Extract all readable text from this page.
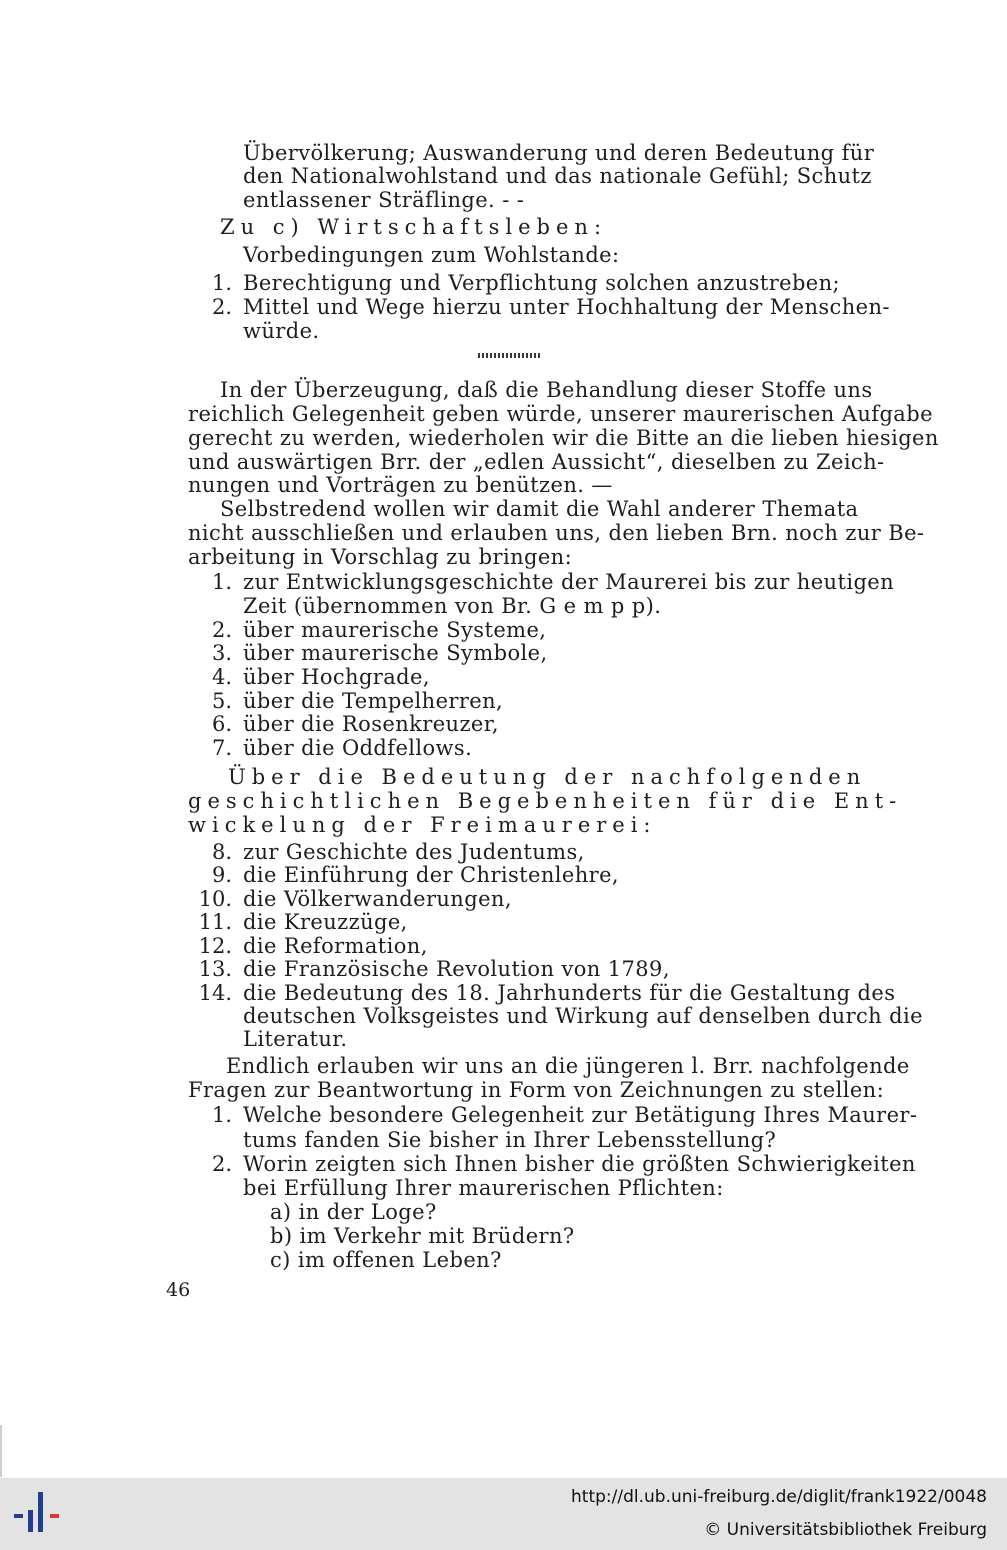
Übervölkerung; Auswanderung und deren Bedeutung für

den Nationalwohlstand und das nationale Gefühl; Schutz

entlassener Sträflinge. - -

Zu c) Wirtschaftsleben:

Vorbedingungen zum Wohlstande:

1. Berechtigung und Verpflichtung solchen anzustreben;

2. Mittel und Wege hierzu unter Hochhaltung der Menschen-

würde.

In der Überzeugung, daß die Behandlung dieser Stoffe uns

reichlich Gelegenheit geben würde, unserer maurerischen Aufgabe

gerecht zu werden, wiederholen wir die Bitte an die lieben hiesigen

und auswärtigen Brr. der „edlen Aussicht“, dieselben zu Zeich-

nungen und Vorträgen zu benützen. —

Selbstredend wollen wir damit die Wahl anderer Themata

nicht ausschließen und erlauben uns, den lieben Brn. noch zur Be-

arbeitung in Vorschlag zu bringen:

1. zur Entwicklungsgeschichte der Maurerei bis zur heutigen

Zeit (übernommen von Br. G e m p p).

2. über maurerische Systeme,

3. über maurerische Symbole,

4. über Hochgrade,

5. über die Tempelherren,

6. über die Rosenkreuzer,

7. über die Oddfellows.

Über die Bedeutung der nachfolgenden

geschichtlichen Begebenheiten für die Ent-

wickelung der Freimaurerei:

8. zur Geschichte des Judentums,

9. die Einführung der Christenlehre,

10. die Völkerwanderungen,

11. die Kreuzzüge,

12. die Reformation,

13. die Französische Revolution von 1789,

14. die Bedeutung des 18. Jahrhunderts für die Gestaltung des

deutschen Volksgeistes und Wirkung auf denselben durch die

Literatur.

Endlich erlauben wir uns an die jüngeren l. Brr. nachfolgende

Fragen zur Beantwortung in Form von Zeichnungen zu stellen:

1. Welche besondere Gelegenheit zur Betätigung Ihres Maurer-

tums fanden Sie bisher in Ihrer Lebensstellung?

2. Worin zeigten sich Ihnen bisher die größten Schwierigkeiten

bei Erfüllung Ihrer maurerischen Pflichten:

a) in der Loge?

b) im Verkehr mit Brüdern?

c) im offenen Leben?

46

http://dl.ub.uni-freiburg.de/diglit/frank1922/0048

© Universitätsbibliothek Freiburg
